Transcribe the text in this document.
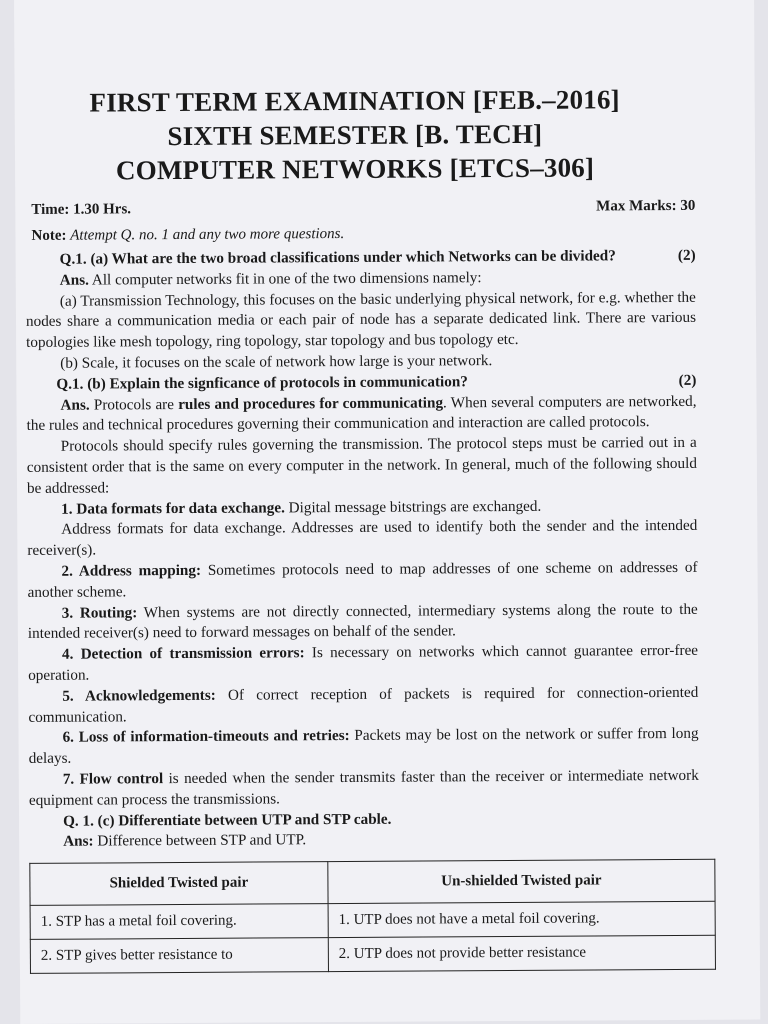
FIRST TERM EXAMINATION [FEB.–2016]
SIXTH SEMESTER [B. TECH]
COMPUTER NETWORKS [ETCS–306]
Time: 1.30 Hrs.	Max Marks: 30
Note: Attempt Q. no. 1 and any two more questions.

Q.1. (a) What are the two broad classifications under which Networks can be divided?	(2)

Ans. All computer networks fit in one of the two dimensions namely:

(a) Transmission Technology, this focuses on the basic underlying physical network, for e.g. whether the nodes share a communication media or each pair of node has a separate dedicated link. There are various topologies like mesh topology, ring topology, star topology and bus topology etc.

(b) Scale, it focuses on the scale of network how large is your network.

Q.1. (b) Explain the signficance of protocols in communication?	(2)

Ans. Protocols are rules and procedures for communicating. When several computers are networked, the rules and technical procedures governing their communication and interaction are called protocols.

Protocols should specify rules governing the transmission. The protocol steps must be carried out in a consistent order that is the same on every computer in the network. In general, much of the following should be addressed:

1. Data formats for data exchange. Digital message bitstrings are exchanged.

Address formats for data exchange. Addresses are used to identify both the sender and the intended receiver(s).

2. Address mapping: Sometimes protocols need to map addresses of one scheme on addresses of another scheme.

3. Routing: When systems are not directly connected, intermediary systems along the route to the intended receiver(s) need to forward messages on behalf of the sender.

4. Detection of transmission errors: Is necessary on networks which cannot guarantee error-free operation.

5. Acknowledgements: Of correct reception of packets is required for connection-oriented communication.

6. Loss of information-timeouts and retries: Packets may be lost on the network or suffer from long delays.

7. Flow control is needed when the sender transmits faster than the receiver or intermediate network equipment can process the transmissions.

Q. 1. (c) Differentiate between UTP and STP cable.

Ans: Difference between STP and UTP.

Shielded Twisted pair	Un-shielded Twisted pair
1. STP has a metal foil covering.	1. UTP does not have a metal foil covering.
2. STP gives better resistance to	2. UTP does not provide better resistance
